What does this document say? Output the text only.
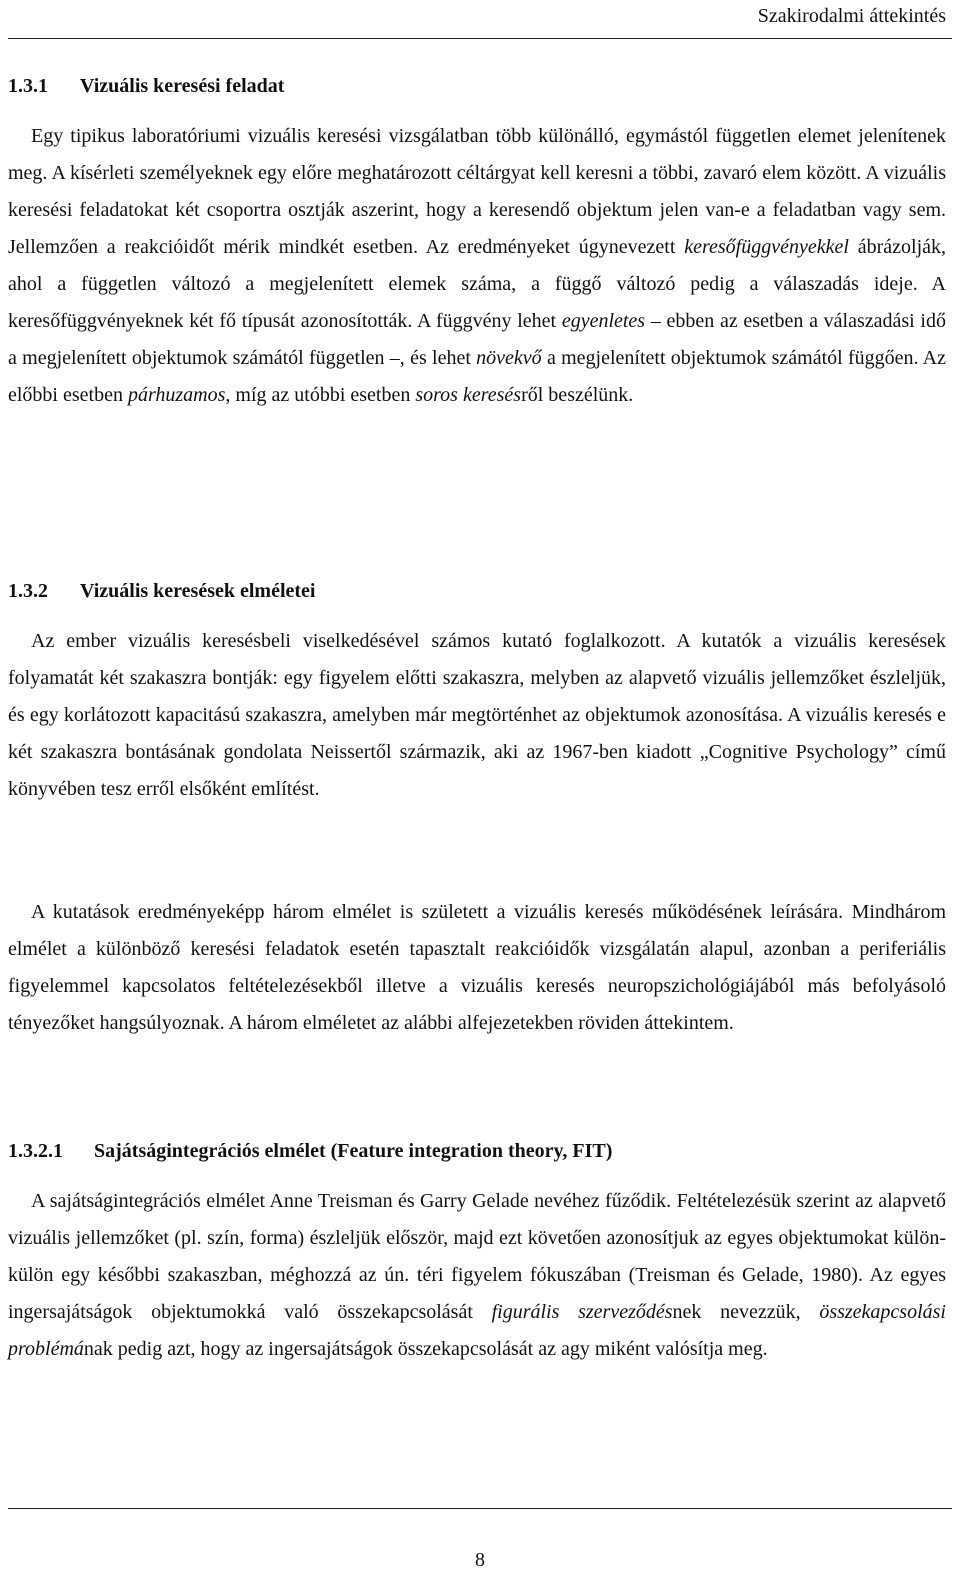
Szakirodalmi áttekintés
1.3.1 Vizuális keresési feladat

Egy tipikus laboratóriumi vizuális keresési vizsgálatban több különálló, egymástól független elemet jelenítenek meg. A kísérleti személyeknek egy előre meghatározott céltárgyat kell keresni a többi, zavaró elem között. A vizuális keresési feladatokat két csoportra osztják aszerint, hogy a keresendő objektum jelen van-e a feladatban vagy sem. Jellemzően a reakcióidőt mérik mindkét esetben. Az eredményeket úgynevezett keresőfüggvényekkel ábrázolják, ahol a független változó a megjelenített elemek száma, a függő változó pedig a válaszadás ideje. A keresőfüggvényeknek két fő típusát azonosították. A függvény lehet egyenletes – ebben az esetben a válaszadási idő a megjelenített objektumok számától független –, és lehet növekvő a megjelenített objektumok számától függően. Az előbbi esetben párhuzamos, míg az utóbbi esetben soros keresésről beszélünk.

1.3.2 Vizuális keresések elméletei

Az ember vizuális keresésbeli viselkedésével számos kutató foglalkozott. A kutatók a vizuális keresések folyamatát két szakaszra bontják: egy figyelem előtti szakaszra, melyben az alapvető vizuális jellemzőket észleljük, és egy korlátozott kapacitású szakaszra, amelyben már megtörténhet az objektumok azonosítása. A vizuális keresés e két szakaszra bontásának gondolata Neissertől származik, aki az 1967-ben kiadott „Cognitive Psychology” című könyvében tesz erről elsőként említést.

A kutatások eredményeképp három elmélet is született a vizuális keresés működésének leírására. Mindhárom elmélet a különböző keresési feladatok esetén tapasztalt reakcióidők vizsgálatán alapul, azonban a periferiális figyelemmel kapcsolatos feltételezésekből illetve a vizuális keresés neuropszichológiájából más befolyásoló tényezőket hangsúlyoznak. A három elméletet az alábbi alfejezetekben röviden áttekintem.

1.3.2.1 Sajátságintegrációs elmélet (Feature integration theory, FIT)

A sajátságintegrációs elmélet Anne Treisman és Garry Gelade nevéhez fűződik. Feltételezésük szerint az alapvető vizuális jellemzőket (pl. szín, forma) észleljük először, majd ezt követően azonosítjuk az egyes objektumokat külön-külön egy későbbi szakaszban, méghozzá az ún. téri figyelem fókuszában (Treisman és Gelade, 1980). Az egyes ingersajátságok objektumokká való összekapcsolását figurális szerveződésnek nevezzük, összekapcsolási problémának pedig azt, hogy az ingersajátságok összekapcsolását az agy miként valósítja meg.

8
